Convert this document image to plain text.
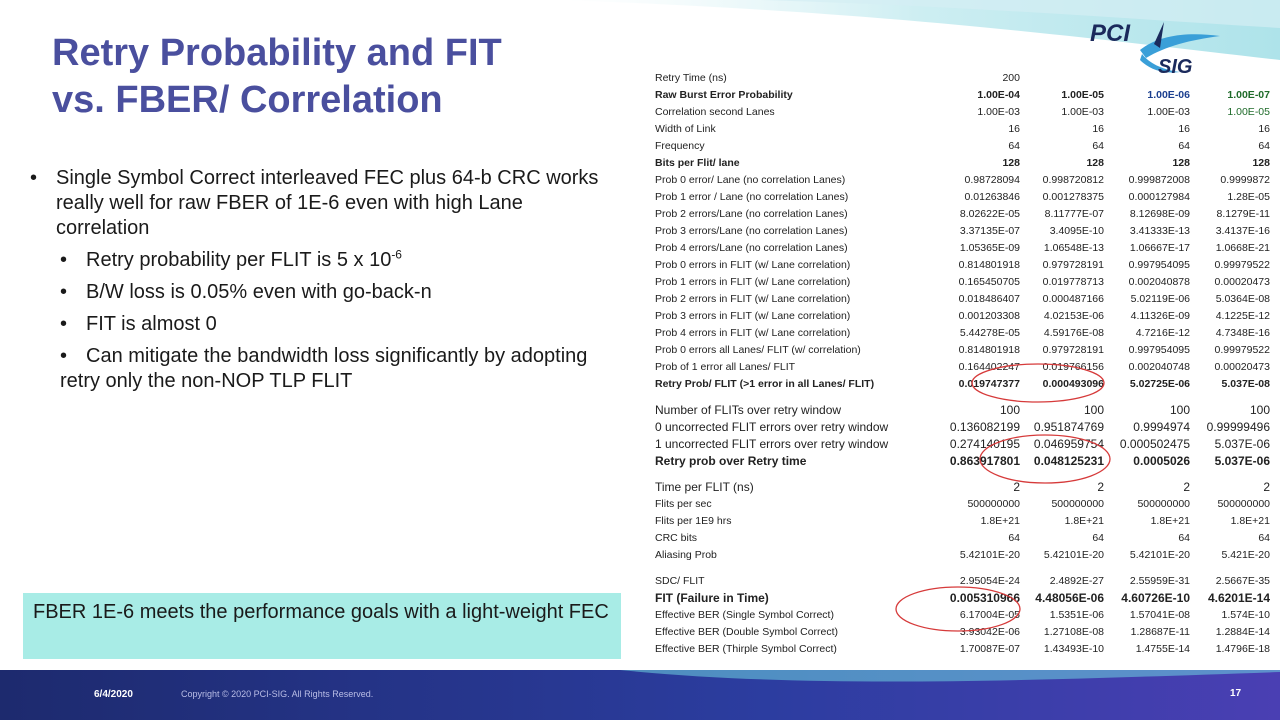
Retry Probability and FIT
vs. FBER/ Correlation
PCI
SIG
• Single Symbol Correct interleaved FEC plus 64-b CRC works really well for raw FBER of 1E-6 even with high Lane correlation
• Retry probability per FLIT is 5 x $10^{-6}$
• B/W loss is 0.05% even with go-back-n
• FIT is almost 0
• Can mitigate the bandwidth loss significantly by adopting retry only the non-NOP TLP FLIT
FBER 1E-6 meets the performance goals with a light-weight FEC
Retry Time (ns)	200
Raw Burst Error Probability	1.00E-04	1.00E-05	1.00E-06	1.00E-07
Correlation second Lanes	1.00E-03	1.00E-03	1.00E-03	1.00E-05
Width of Link	16	16	16	16
Frequency	64	64	64	64
Bits per Flit/ lane	128	128	128	128
Prob 0 error/ Lane (no correlation Lanes)	0.98728094	0.998720812	0.999872008	0.9999872
Prob 1 error / Lane (no correlation Lanes)	0.01263846	0.001278375	0.000127984	1.28E-05
Prob 2 errors/Lane (no correlation Lanes)	8.02622E-05	8.11777E-07	8.12698E-09	8.1279E-11
Prob 3 errors/Lane (no correlation Lanes)	3.37135E-07	3.4095E-10	3.41333E-13	3.4137E-16
Prob 4 errors/Lane (no correlation Lanes)	1.05365E-09	1.06548E-13	1.06667E-17	1.0668E-21
Prob 0 errors in FLIT (w/ Lane correlation)	0.814801918	0.979728191	0.997954095	0.99979522
Prob 1 errors in FLIT (w/ Lane correlation)	0.165450705	0.019778713	0.002040878	0.00020473
Prob 2 errors in FLIT (w/ Lane correlation)	0.018486407	0.000487166	5.02119E-06	5.0364E-08
Prob 3 errors in FLIT (w/ Lane correlation)	0.001203308	4.02153E-06	4.11326E-09	4.1225E-12
Prob 4 errors in FLIT (w/ Lane correlation)	5.44278E-05	4.59176E-08	4.7216E-12	4.7348E-16
Prob 0 errors all Lanes/ FLIT (w/ correlation)	0.814801918	0.979728191	0.997954095	0.99979522
Prob of 1 error all Lanes/ FLIT	0.164402247	0.019766156	0.002040748	0.00020473
Retry Prob/ FLIT (>1 error in all Lanes/ FLIT)	0.019747377	0.000493096	5.02725E-06	5.037E-08
Number of FLITs over retry window	100	100	100	100
0 uncorrected FLIT errors over retry window	0.136082199	0.951874769	0.9994974	0.99999496
1 uncorrected FLIT errors over retry window	0.274140195	0.046959754	0.000502475	5.037E-06
Retry prob over Retry time	0.863917801	0.048125231	0.0005026	5.037E-06
Time per FLIT (ns)	2	2	2	2
Flits per sec	500000000	500000000	500000000	500000000
Flits per 1E9 hrs	1.8E+21	1.8E+21	1.8E+21	1.8E+21
CRC bits	64	64	64	64
Aliasing Prob	5.42101E-20	5.42101E-20	5.42101E-20	5.421E-20
SDC/ FLIT	2.95054E-24	2.4892E-27	2.55959E-31	2.5667E-35
FIT (Failure in Time)	0.005310966	4.48056E-06	4.60726E-10	4.6201E-14
Effective BER (Single Symbol Correct)	6.17004E-05	1.5351E-06	1.57041E-08	1.574E-10
Effective BER (Double Symbol Correct)	3.93042E-06	1.27108E-08	1.28687E-11	1.2884E-14
Effective BER (Thirple Symbol Correct)	1.70087E-07	1.43493E-10	1.4755E-14	1.4796E-18
6/4/2020	Copyright © 2020 PCI-SIG. All Rights Reserved.	17
